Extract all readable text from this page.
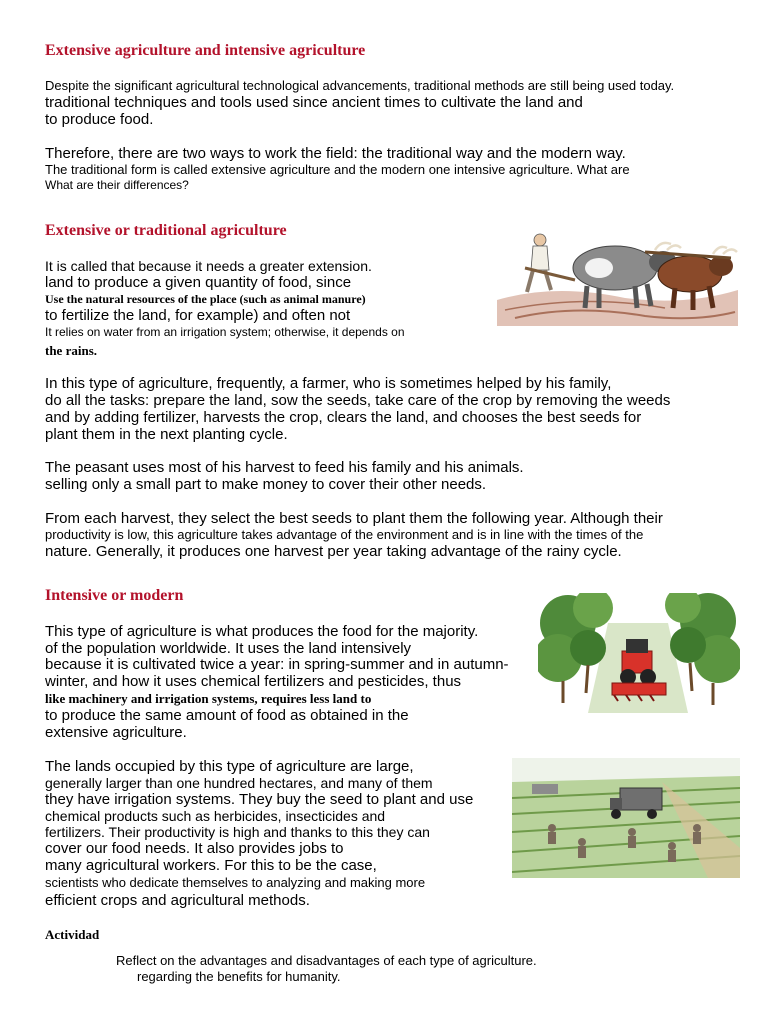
Extensive agriculture and intensive agriculture
Despite the significant agricultural technological advancements, traditional methods are still being used today.
traditional techniques and tools used since ancient times to cultivate the land and
to produce food.
Therefore, there are two ways to work the field: the traditional way and the modern way.
The traditional form is called extensive agriculture and the modern one intensive agriculture. What are
What are their differences?
Extensive or traditional agriculture
It is called that because it needs a greater extension.
land to produce a given quantity of food, since
Use the natural resources of the place (such as animal manure)
to fertilize the land, for example) and often not
It relies on water from an irrigation system; otherwise, it depends on
the rains.
In this type of agriculture, frequently, a farmer, who is sometimes helped by his family,
do all the tasks: prepare the land, sow the seeds, take care of the crop by removing the weeds
and by adding fertilizer, harvests the crop, clears the land, and chooses the best seeds for
plant them in the next planting cycle.
The peasant uses most of his harvest to feed his family and his animals.
selling only a small part to make money to cover their other needs.
From each harvest, they select the best seeds to plant them the following year. Although their
productivity is low, this agriculture takes advantage of the environment and is in line with the times of the
nature. Generally, it produces one harvest per year taking advantage of the rainy cycle.
Intensive or modern
This type of agriculture is what produces the food for the majority.
of the population worldwide. It uses the land intensively
because it is cultivated twice a year: in spring-summer and in autumn-
winter, and how it uses chemical fertilizers and pesticides, thus
like machinery and irrigation systems, requires less land to
to produce the same amount of food as obtained in the
extensive agriculture.
The lands occupied by this type of agriculture are large,
generally larger than one hundred hectares, and many of them
they have irrigation systems. They buy the seed to plant and use
chemical products such as herbicides, insecticides and
fertilizers. Their productivity is high and thanks to this they can
cover our food needs. It also provides jobs to
many agricultural workers. For this to be the case,
scientists who dedicate themselves to analyzing and making more
efficient crops and agricultural methods.
Actividad
Reflect on the advantages and disadvantages of each type of agriculture.
regarding the benefits for humanity.
